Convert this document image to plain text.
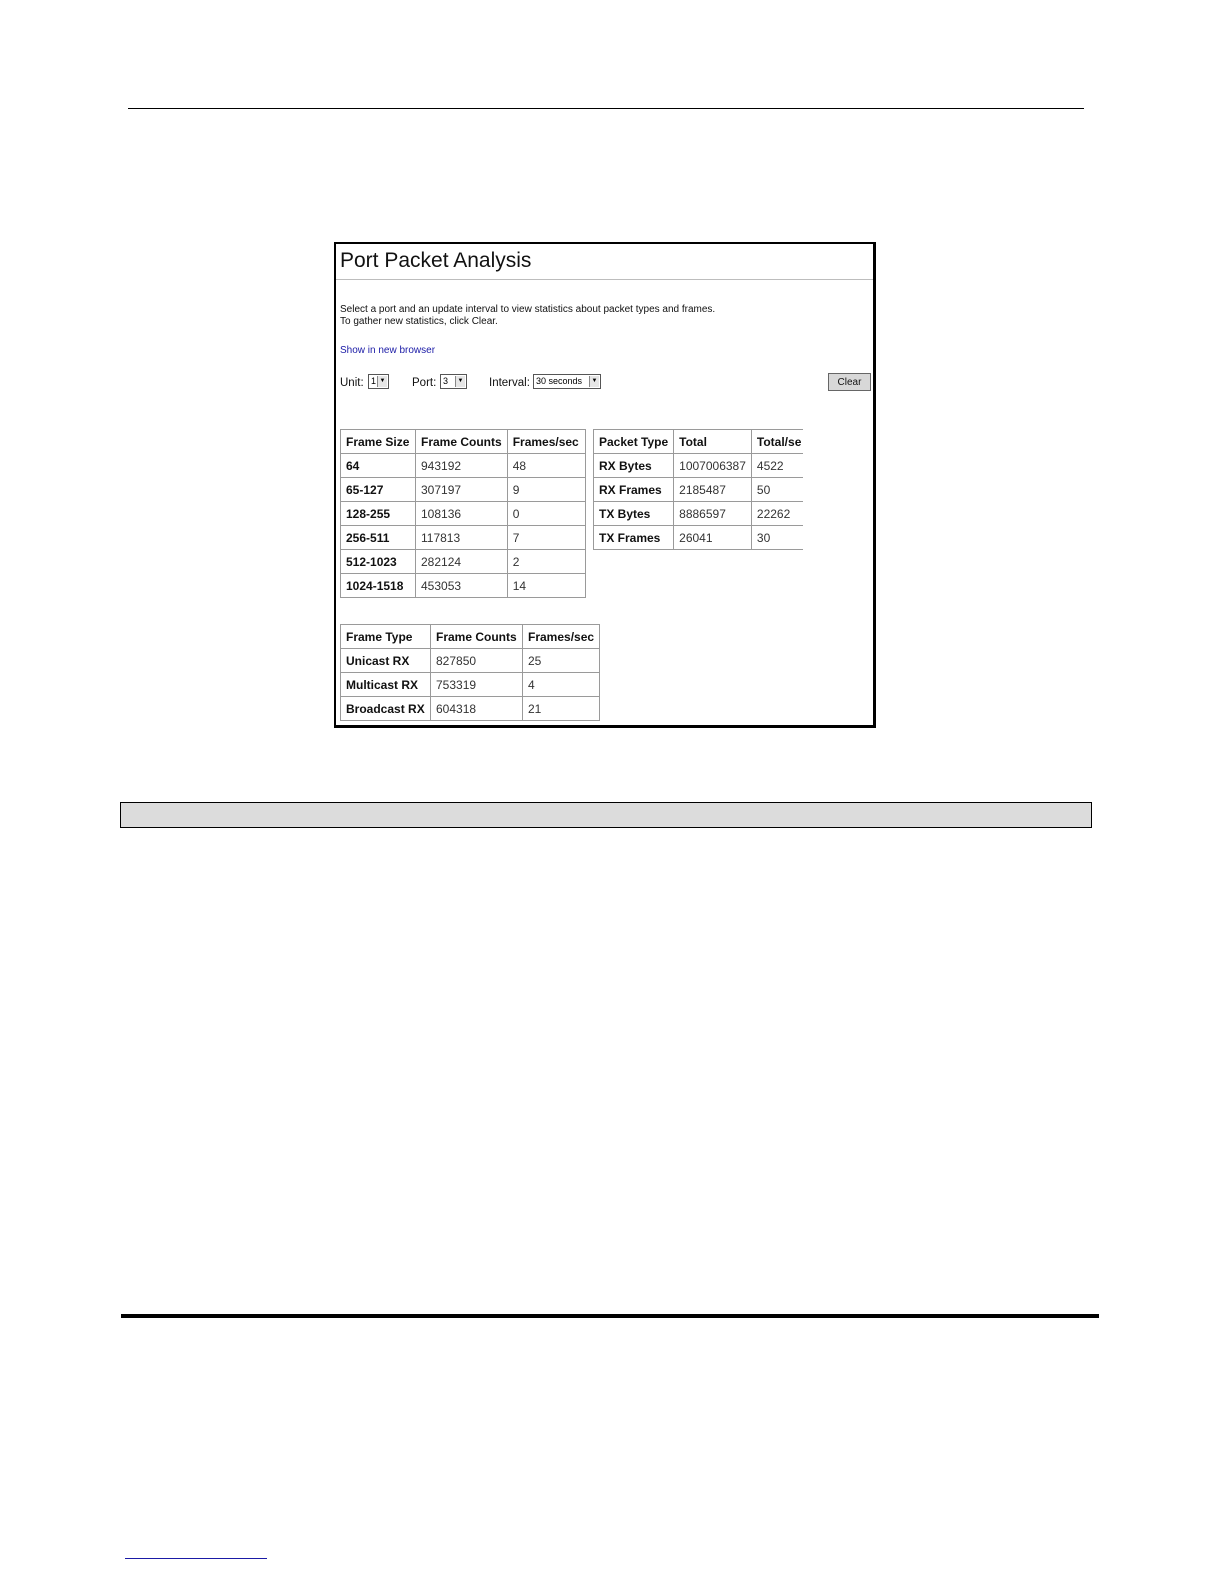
Port Packet Analysis
Select a port and an update interval to view statistics about packet types and frames.
To gather new statistics, click Clear.
Show in new browser
Unit: 1 ▼ Port: 3	▼ Interval: 30 seconds	▼	Clear
Frame Size	Frame Counts	Frames/sec
64	943192	48
65-127	307197	9
128-255	108136	0
256-511	117813	7
512-1023	282124	2
1024-1518	453053	14
Packet Type	Total	Total/se
RX Bytes	1007006387	4522
RX Frames	2185487	50
TX Bytes	8886597	22262
TX Frames	26041	30
Frame Type	Frame Counts	Frames/sec
Unicast RX	827850	25
Multicast RX	753319	4
Broadcast RX	604318	21
